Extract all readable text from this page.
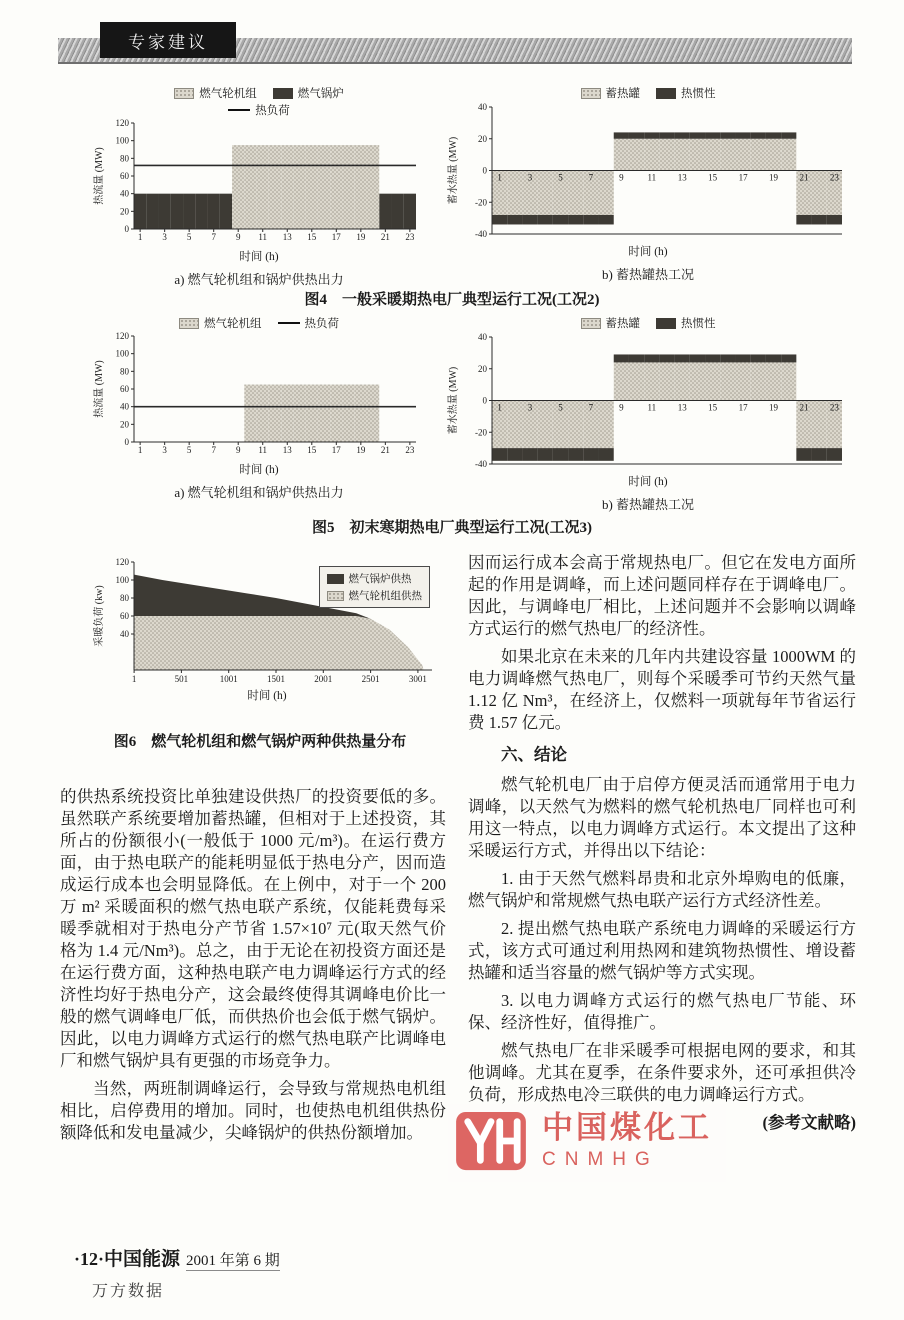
专家建议
燃气轮机组	燃气锅炉
热负荷
0
20
40
60
80
100
120
1 3 5 7 9 11 13 15 17 19 21 23
热流量 (MW)
时间 (h)
a) 燃气轮机组和锅炉供热出力
蓄热罐	热惯性
-40
-20
0
20
40
1	3	5	7	9	11 13 15 17 19 21 23
蓄水热量 (MW)
时间 (h)
b) 蓄热罐热工况
图4　一般采暖期热电厂典型运行工况(工况2)
燃气轮机组	热负荷
0
20
40
60
80
100
120
1 3 5 7 9 11 13 15 17 19 21 23
热流量 (MW)
时间 (h)
a) 燃气轮机组和锅炉供热出力
蓄热罐	热惯性
-40
-20
0
20
40
1	3	5	7	9	11 13 15 17 19 21 23
蓄水热量 (MW)
时间 (h)
b) 蓄热罐热工况
图5　初末寒期热电厂典型运行工况(工况3)
40
60
80
100
120
1	501	1001	1501	2001	2501	3001
采暖负荷 (kw)
燃气锅炉供热
燃气轮机组供热
时间 (h)
图6　燃气轮机组和燃气锅炉两种供热量分布

因而运行成本会高于常规热电厂。但它在发电方面所起的作用是调峰，而上述问题同样存在于调峰电厂。因此，与调峰电厂相比，上述问题并不会影响以调峰方式运行的燃气热电厂的经济性。

如果北京在未来的几年内共建设容量 1000WM 的电力调峰燃气热电厂，则每个采暖季可节约天然气量 1.12 亿 Nm³，在经济上，仅燃料一项就每年节省运行费 1.57 亿元。

六、结论

燃气轮机电厂由于启停方便灵活而通常用于电力调峰，以天然气为燃料的燃气轮机热电厂同样也可利用这一特点，以电力调峰方式运行。本文提出了这种采暖运行方式，并得出以下结论：

1. 由于天然气燃料昂贵和北京外埠购电的低廉，燃气锅炉和常规燃气热电联产运行方式经济性差。

2. 提出燃气热电联产系统电力调峰的采暖运行方式，该方式可通过利用热网和建筑物热惯性、增设蓄热罐和适当容量的燃气锅炉等方式实现。

3. 以电力调峰方式运行的燃气热电厂节能、环保、经济性好，值得推广。

燃气热电厂在非采暖季可根据电网的要求，和其他调峰。尤其在夏季，在条件要求外，还可承担供冷负荷，形成热电冷三联供的电力调峰运行方式。

(参考文献略)

的供热系统投资比单独建设供热厂的投资要低的多。虽然联产系统要增加蓄热罐，但相对于上述投资，其所占的份额很小(一般低于 1000 元/m³)。在运行费方面，由于热电联产的能耗明显低于热电分产，因而造成运行成本也会明显降低。在上例中，对于一个 200 万 m² 采暖面积的燃气热电联产系统，仅能耗费每采暖季就相对于热电分产节省 1.57×10⁷ 元(取天然气价格为 1.4 元/Nm³)。总之，由于无论在初投资方面还是在运行费方面，这种热电联产电力调峰运行方式的经济性均好于热电分产，这会最终使得其调峰电价比一般的燃气调峰电厂低，而供热价也会低于燃气锅炉。因此，以电力调峰方式运行的燃气热电联产比调峰电厂和燃气锅炉具有更强的市场竞争力。

当然，两班制调峰运行，会导致与常规热电机组相比，启停费用的增加。同时，也使热电机组供热份额降低和发电量减少，尖峰锅炉的供热份额增加。	中国煤化工
CNMHG
·12·中国能源 2001 年第 6 期
万方数据
